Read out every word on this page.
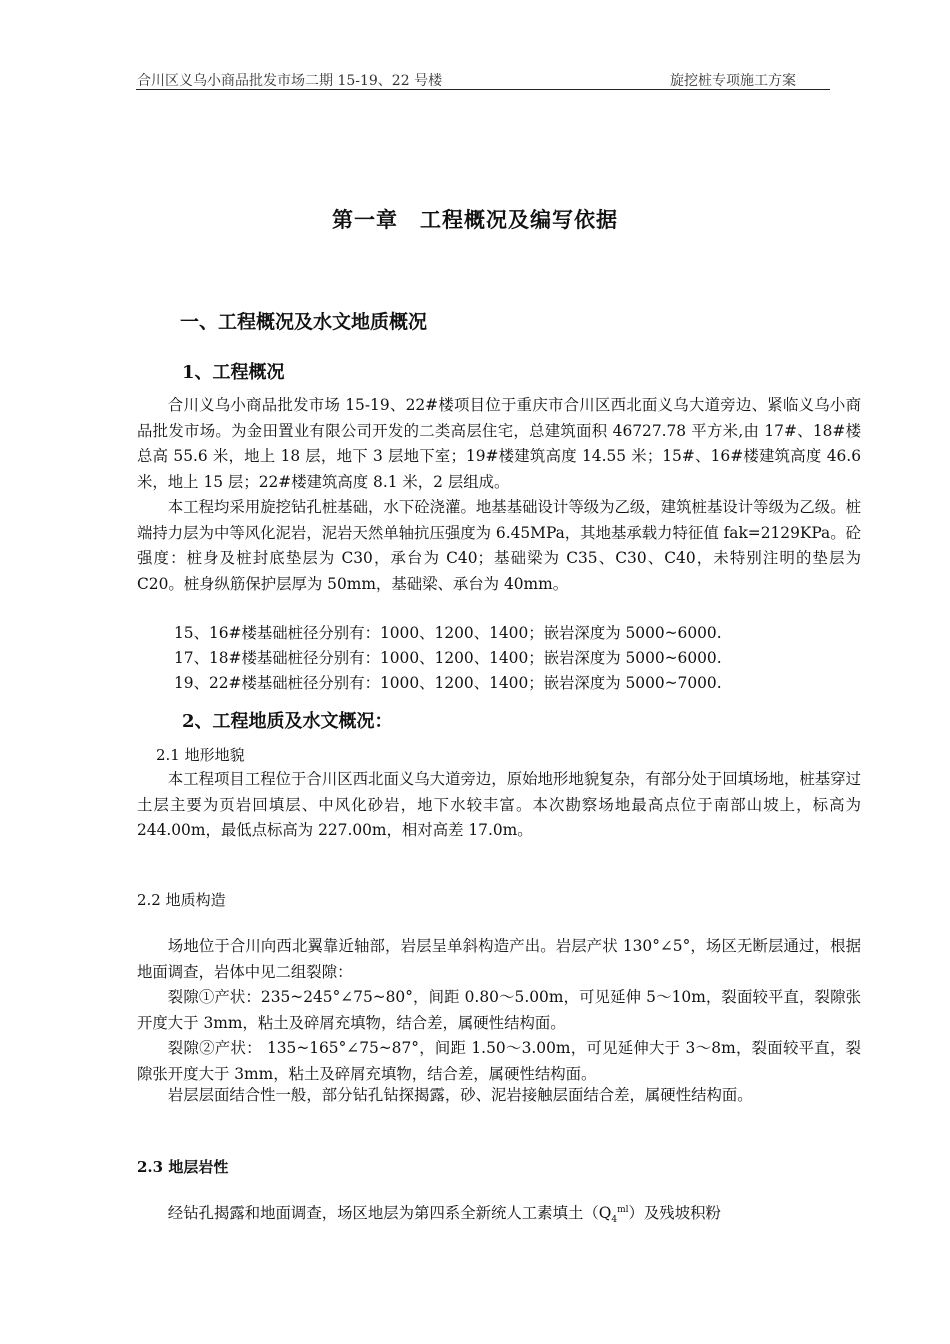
合川区义乌小商品批发市场二期 15-19、22 号楼	旋挖桩专项施工方案
第一章　工程概况及编写依据
一、工程概况及水文地质概况
1、工程概况

合川义乌小商品批发市场 15-19、22#楼项目位于重庆市合川区西北面义乌大道旁边、紧临义乌小商品批发市场。为金田置业有限公司开发的二类高层住宅，总建筑面积 46727.78 平方米,由 17#、18#楼总高 55.6 米，地上 18 层，地下 3 层地下室；19#楼建筑高度 14.55 米；15#、16#楼建筑高度 46.6 米，地上 15 层；22#楼建筑高度 8.1 米，2 层组成。

本工程均采用旋挖钻孔桩基础，水下砼浇灌。地基基础设计等级为乙级，建筑桩基设计等级为乙级。桩端持力层为中等风化泥岩，泥岩天然单轴抗压强度为 6.45MPa，其地基承载力特征值 fak=2129KPa。砼强度：桩身及桩封底垫层为 C30，承台为 C40；基础梁为 C35、C30、C40，未特别注明的垫层为 C20。桩身纵筋保护层厚为 50mm，基础梁、承台为 40mm。

15、16#楼基础桩径分别有：1000、1200、1400；嵌岩深度为 5000~6000.
17、18#楼基础桩径分别有：1000、1200、1400；嵌岩深度为 5000~6000.
19、22#楼基础桩径分别有：1000、1200、1400；嵌岩深度为 5000~7000.
2、工程地质及水文概况：
2.1 地形地貌

本工程项目工程位于合川区西北面义乌大道旁边，原始地形地貌复杂，有部分处于回填场地，桩基穿过土层主要为页岩回填层、中风化砂岩，地下水较丰富。本次勘察场地最高点位于南部山坡上，标高为 244.00m，最低点标高为 227.00m，相对高差 17.0m。

2.2 地质构造

场地位于合川向西北翼靠近轴部，岩层呈单斜构造产出。岩层产状 130°∠5°，场区无断层通过，根据地面调查，岩体中见二组裂隙：

裂隙①产状：235~245°∠75~80°，间距 0.80～5.00m，可见延伸 5～10m，裂面较平直，裂隙张开度大于 3mm，粘土及碎屑充填物，结合差，属硬性结构面。

裂隙②产状： 135~165°∠75~87°，间距 1.50～3.00m，可见延伸大于 3～8m，裂面较平直，裂隙张开度大于 3mm，粘土及碎屑充填物，结合差，属硬性结构面。

岩层层面结合性一般，部分钻孔钻探揭露，砂、泥岩接触层面结合差，属硬性结构面。

2.3 地层岩性

经钻孔揭露和地面调查，场区地层为第四系全新统人工素填土$(Q_4^{ml})$及残坡积粉
